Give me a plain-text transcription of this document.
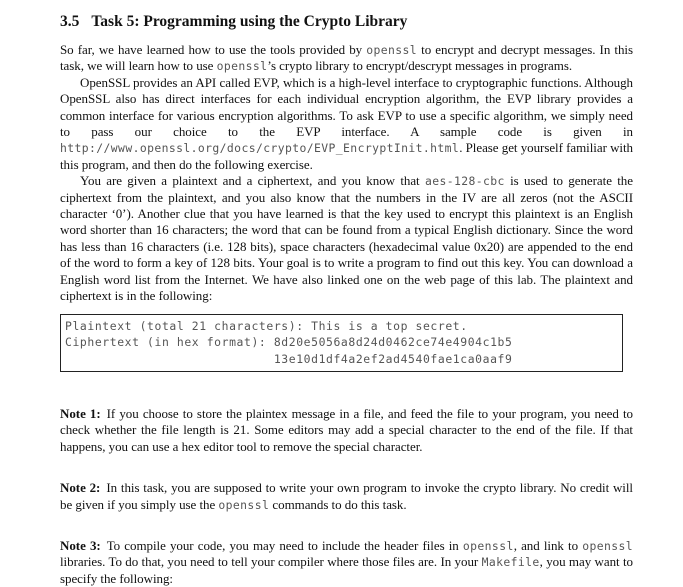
3.5 Task 5: Programming using the Crypto Library

So far, we have learned how to use the tools provided by openssl to encrypt and decrypt messages. In this task, we will learn how to use openssl’s crypto library to encrypt/descrypt messages in programs.

OpenSSL provides an API called EVP, which is a high-level interface to cryptographic functions. Although OpenSSL also has direct interfaces for each individual encryption algorithm, the EVP library provides a common interface for various encryption algorithms. To ask EVP to use a specific algorithm, we simply need to pass our choice to the EVP interface. A sample code is given in http://www.openssl.org/docs/crypto/EVP_EncryptInit.html. Please get yourself familiar with this program, and then do the following exercise.

You are given a plaintext and a ciphertext, and you know that aes-128-cbc is used to generate the ciphertext from the plaintext, and you also know that the numbers in the IV are all zeros (not the ASCII character ‘0’). Another clue that you have learned is that the key used to encrypt this plaintext is an English word shorter than 16 characters; the word that can be found from a typical English dictionary. Since the word has less than 16 characters (i.e. 128 bits), space characters (hexadecimal value 0x20) are appended to the end of the word to form a key of 128 bits. Your goal is to write a program to find out this key. You can download a English word list from the Internet. We have also linked one on the web page of this lab. The plaintext and ciphertext is in the following:

Plaintext (total 21 characters): This is a top secret.
Ciphertext (in hex format): 8d20e5056a8d24d0462ce74e4904c1b5
13e10d1df4a2ef2ad4540fae1ca0aaf9

Note 1: If you choose to store the plaintex message in a file, and feed the file to your program, you need to check whether the file length is 21. Some editors may add a special character to the end of the file. If that happens, you can use a hex editor tool to remove the special character.

Note 2: In this task, you are supposed to write your own program to invoke the crypto library. No credit will be given if you simply use the openssl commands to do this task.

Note 3: To compile your code, you may need to include the header files in openssl, and link to openssl libraries. To do that, you need to tell your compiler where those files are. In your Makefile, you may want to specify the following:
